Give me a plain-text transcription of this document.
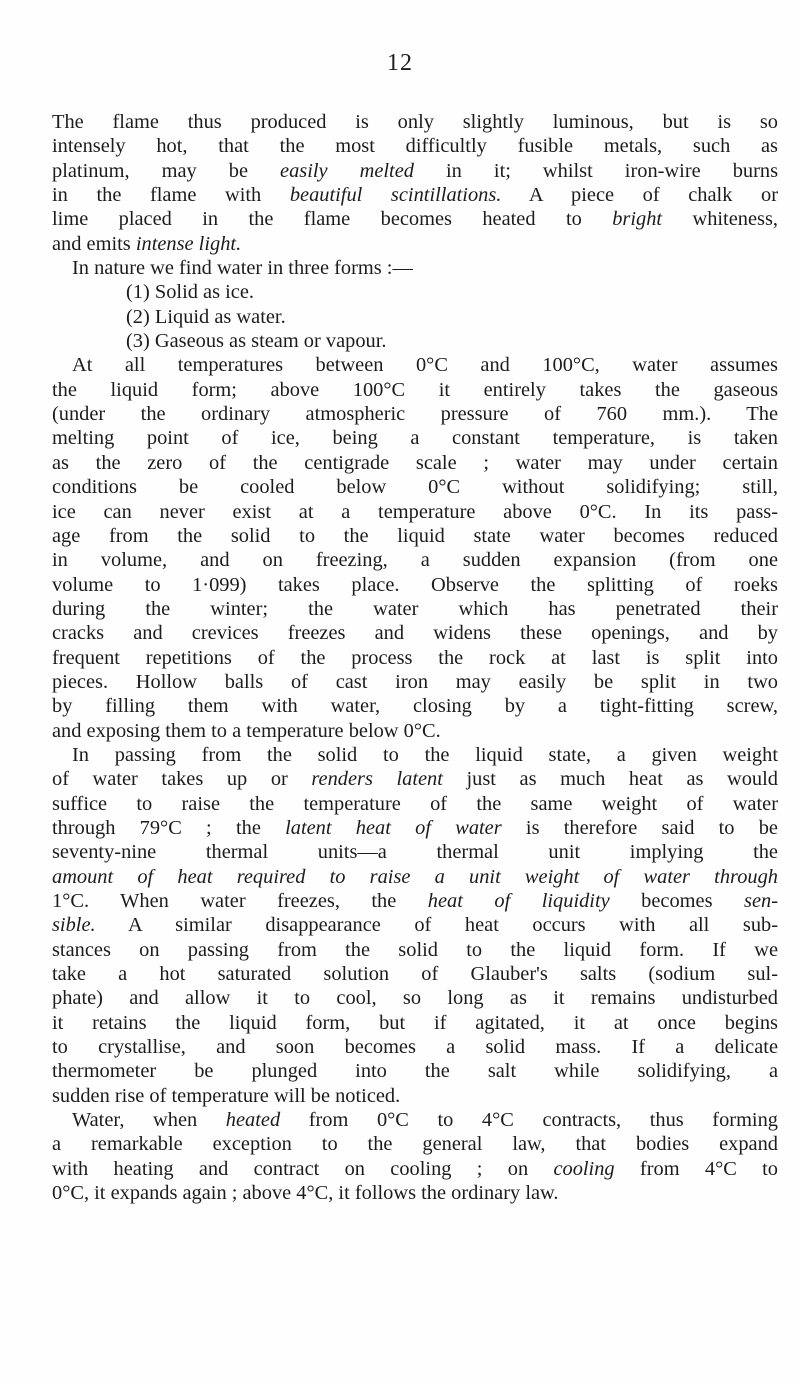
12
The flame thus produced is only slightly luminous, but is so
intensely hot, that the most difficultly fusible metals, such as
platinum, may be easily melted in it; whilst iron-wire burns
in the flame with beautiful scintillations. A piece of chalk or
lime placed in the flame becomes heated to bright whiteness,
and emits intense light.
In nature we find water in three forms :—
(1) Solid as ice.
(2) Liquid as water.
(3) Gaseous as steam or vapour.
At all temperatures between 0°C and 100°C, water assumes
the liquid form; above 100°C it entirely takes the gaseous
(under the ordinary atmospheric pressure of 760 mm.). The
melting point of ice, being a constant temperature, is taken
as the zero of the centigrade scale ; water may under certain
conditions be cooled below 0°C without solidifying; still,
ice can never exist at a temperature above 0°C. In its pass-
age from the solid to the liquid state water becomes reduced
in volume, and on freezing, a sudden expansion (from one
volume to 1·099) takes place. Observe the splitting of roeks
during the winter; the water which has penetrated their
cracks and crevices freezes and widens these openings, and by
frequent repetitions of the process the rock at last is split into
pieces. Hollow balls of cast iron may easily be split in two
by filling them with water, closing by a tight-fitting screw,
and exposing them to a temperature below 0°C.
In passing from the solid to the liquid state, a given weight
of water takes up or renders latent just as much heat as would
suffice to raise the temperature of the same weight of water
through 79°C ; the latent heat of water is therefore said to be
seventy-nine thermal units—a thermal unit implying the
amount of heat required to raise a unit weight of water through
1°C. When water freezes, the heat of liquidity becomes sen-
sible. A similar disappearance of heat occurs with all sub-
stances on passing from the solid to the liquid form. If we
take a hot saturated solution of Glauber's salts (sodium sul-
phate) and allow it to cool, so long as it remains undisturbed
it retains the liquid form, but if agitated, it at once begins
to crystallise, and soon becomes a solid mass. If a delicate
thermometer be plunged into the salt while solidifying, a
sudden rise of temperature will be noticed.
Water, when heated from 0°C to 4°C contracts, thus forming
a remarkable exception to the general law, that bodies expand
with heating and contract on cooling ; on cooling from 4°C to
0°C, it expands again ; above 4°C, it follows the ordinary law.
